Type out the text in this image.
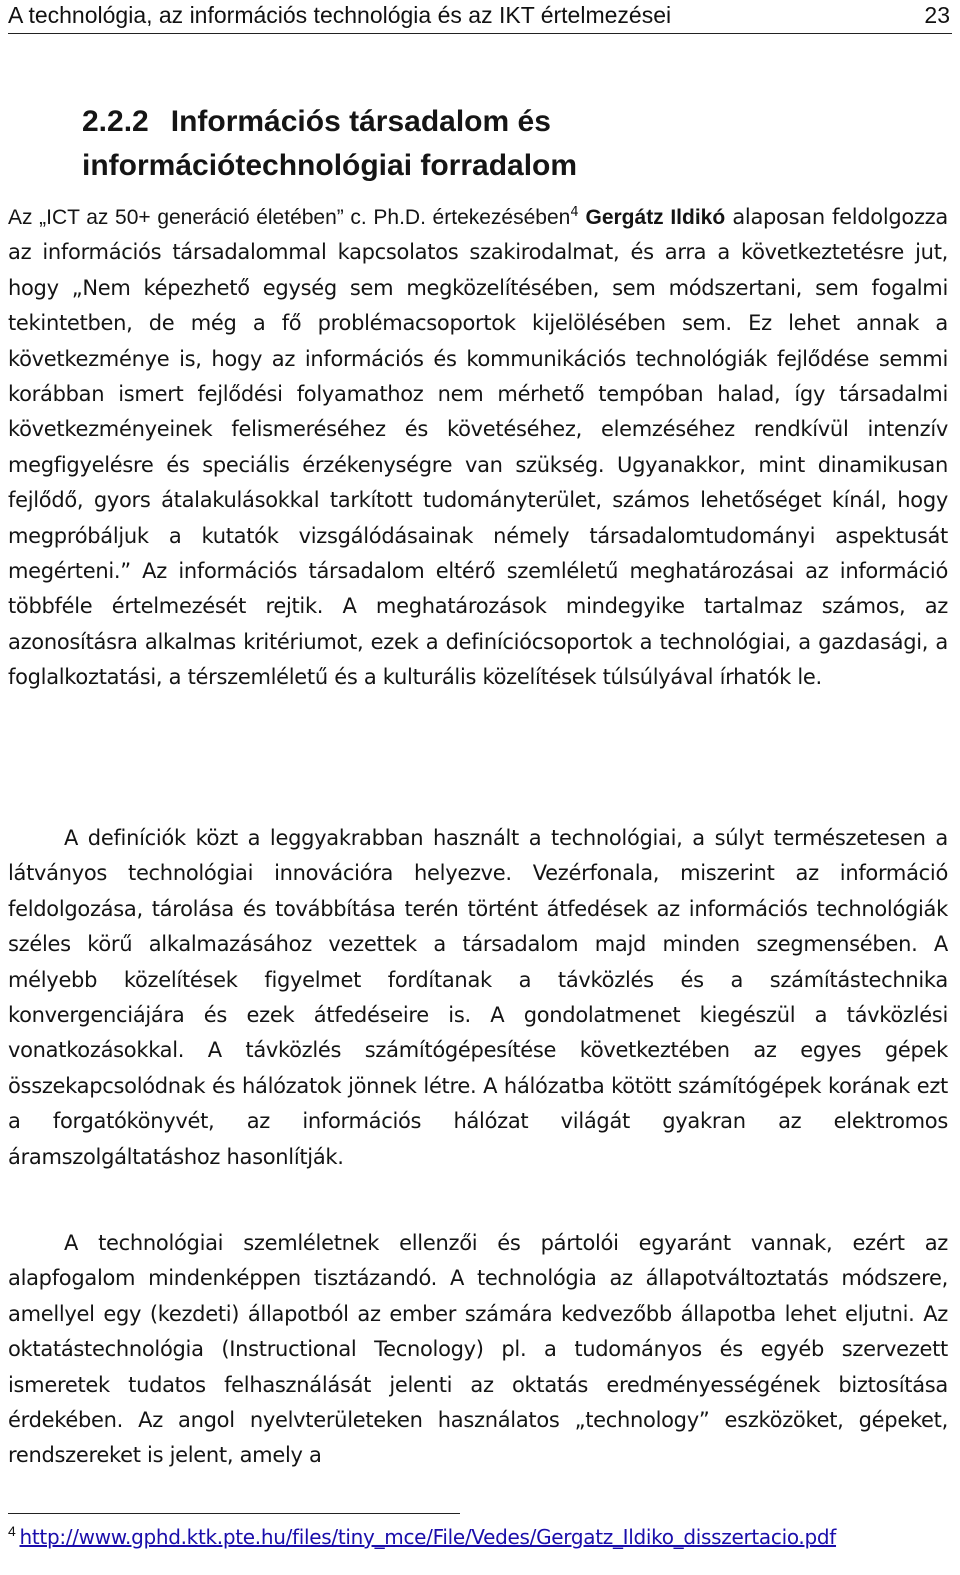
A technológia, az információs technológia és az IKT értelmezései	23
2.2.2 Információs társadalom és
információtechnológiai forradalom
Az „ICT az 50+ generáció életében” c. Ph.D. értekezésében$^4$ Gergátz Ildikó alaposan feldolgozza az információs társadalommal kapcsolatos szakirodalmat, és arra a következtetésre jut, hogy „Nem képezhető egység sem megközelítésében, sem módszertani, sem fogalmi tekintetben, de még a fő problémacsoportok kijelölésében sem. Ez lehet annak a következménye is, hogy az információs és kommunikációs technológiák fejlődése semmi korábban ismert fejlődési folyamathoz nem mérhető tempóban halad, így társadalmi következményeinek felismeréséhez és követéséhez, elemzéséhez rendkívül intenzív megfigyelésre és speciális érzékenységre van szükség. Ugyanakkor, mint dinamikusan fejlődő, gyors átalakulásokkal tarkított tudományterület, számos lehetőséget kínál, hogy megpróbáljuk a kutatók vizsgálódásainak némely társadalomtudományi aspektusát megérteni.” Az információs társadalom eltérő szemléletű meghatározásai az információ többféle értelmezését rejtik. A meghatározások mindegyike tartalmaz számos, az azonosításra alkalmas kritériumot, ezek a definíciócsoportok a technológiai, a gazdasági, a foglalkoztatási, a térszemléletű és a kulturális közelítések túlsúlyával írhatók le.
A definíciók közt a leggyakrabban használt a technológiai, a súlyt természetesen a látványos technológiai innovációra helyezve. Vezérfonala, miszerint az információ feldolgozása, tárolása és továbbítása terén történt átfedések az információs technológiák széles körű alkalmazásához vezettek a társadalom majd minden szegmensében. A mélyebb közelítések figyelmet fordítanak a távközlés és a számítástechnika konvergenciájára és ezek átfedéseire is. A gondolatmenet kiegészül a távközlési vonatkozásokkal. A távközlés számítógépesítése következtében az egyes gépek összekapcsolódnak és hálózatok jönnek létre. A hálózatba kötött számítógépek korának ezt a forgatókönyvét, az információs hálózat világát gyakran az elektromos áramszolgáltatáshoz hasonlítják.
A technológiai szemléletnek ellenzői és pártolói egyaránt vannak, ezért az alapfogalom mindenképpen tisztázandó. A technológia az állapotváltoztatás módszere, amellyel egy (kezdeti) állapotból az ember számára kedvezőbb állapotba lehet eljutni. Az oktatástechnológia (Instructional Tecnology) pl. a tudományos és egyéb szervezett ismeretek tudatos felhasználását jelenti az oktatás eredményességének biztosítása érdekében. Az angol nyelvterületeken használatos „technology” eszközöket, gépeket, rendszereket is jelent, amely a
$^4$ http://www.gphd.ktk.pte.hu/files/tiny_mce/File/Vedes/Gergatz_Ildiko_disszertacio.pdf
